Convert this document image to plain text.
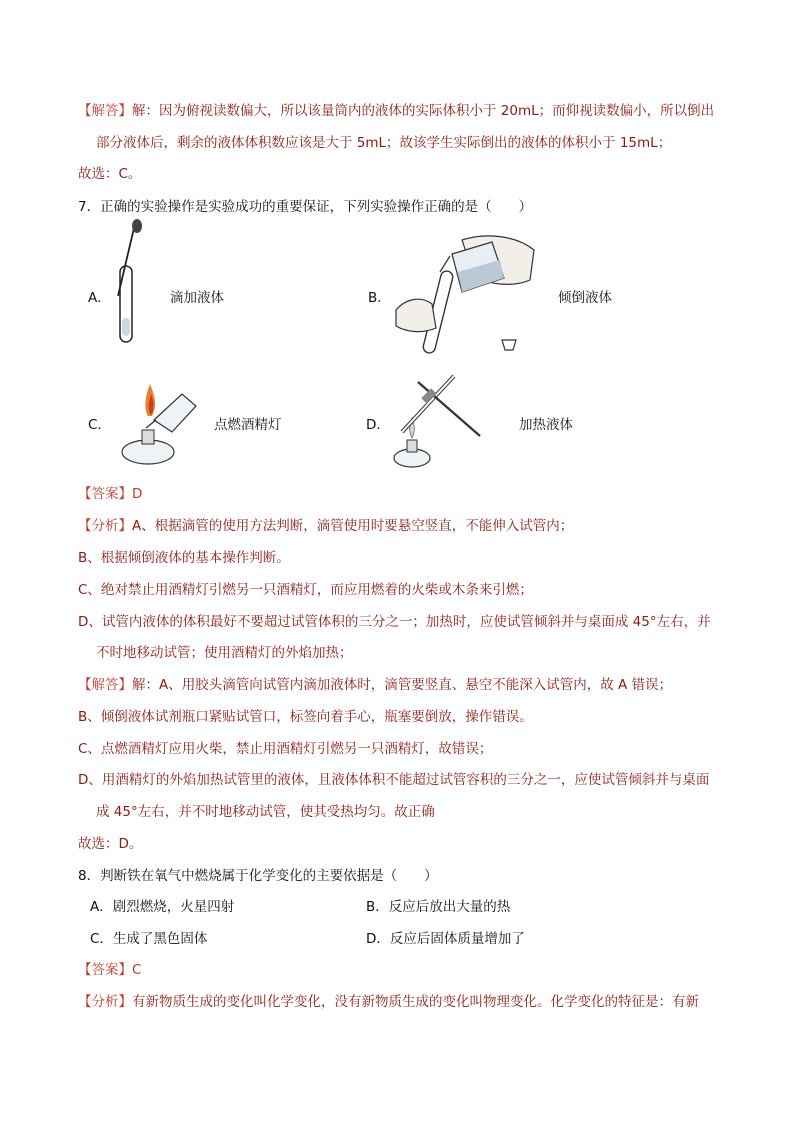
【解答】解：因为俯视读数偏大，所以该量筒内的液体的实际体积小于 20mL；而仰视读数偏小，所以倒出
部分液体后，剩余的液体体积数应该是大于 5mL；故该学生实际倒出的液体的体积小于 15mL；
故选：C。
7．正确的实验操作是实验成功的重要保证，下列实验操作正确的是（　　）
A．	滴加液体	B．	倾倒液体
C．	点燃酒精灯	D．	加热液体
【答案】D
【分析】A、根据滴管的使用方法判断，滴管使用时要悬空竖直，不能伸入试管内；
B、根据倾倒液体的基本操作判断。
C、绝对禁止用酒精灯引燃另一只酒精灯，而应用燃着的火柴或木条来引燃；
D、试管内液体的体积最好不要超过试管体积的三分之一；加热时，应使试管倾斜并与桌面成 45°左右，并
不时地移动试管；使用酒精灯的外焰加热；
【解答】解：A、用胶头滴管向试管内滴加液体时，滴管要竖直、悬空不能深入试管内，故 A 错误；
B、倾倒液体试剂瓶口紧贴试管口，标签向着手心，瓶塞要倒放，操作错误。
C、点燃酒精灯应用火柴，禁止用酒精灯引燃另一只酒精灯，故错误；
D、用酒精灯的外焰加热试管里的液体，且液体体积不能超过试管容积的三分之一，应使试管倾斜并与桌面
成 45°左右，并不时地移动试管，使其受热均匀。故正确
故选：D。
8．判断铁在氧气中燃烧属于化学变化的主要依据是（　　）
A．剧烈燃烧，火星四射	B．反应后放出大量的热
C．生成了黑色固体	D．反应后固体质量增加了
【答案】C
【分析】有新物质生成的变化叫化学变化，没有新物质生成的变化叫物理变化。化学变化的特征是：有新
